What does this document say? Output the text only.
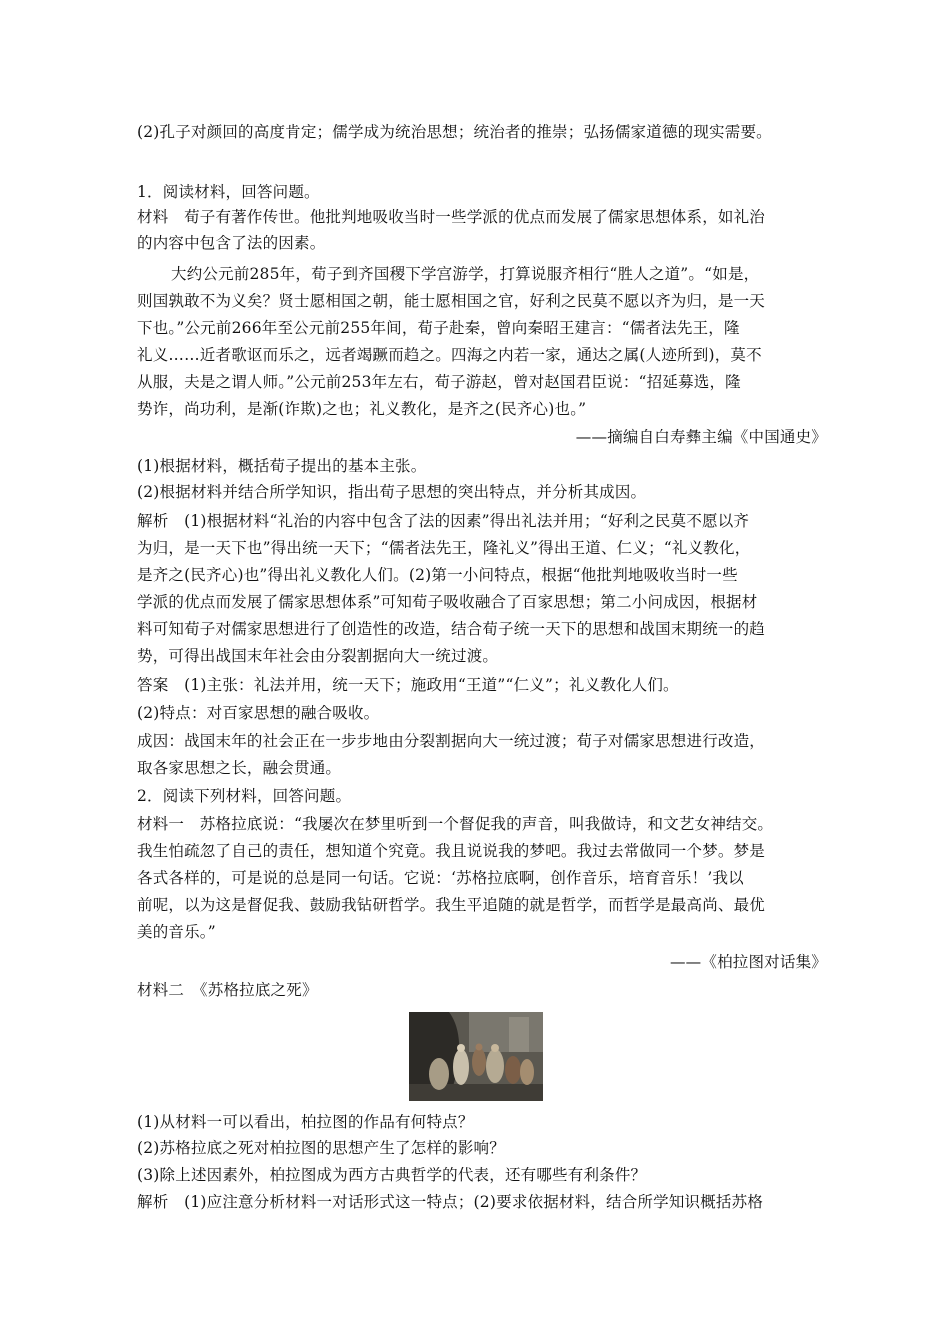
(2)孔子对颜回的高度肯定；儒学成为统治思想；统治者的推崇；弘扬儒家道德的现实需要。
1．阅读材料，回答问题。
材料　荀子有著作传世。他批判地吸收当时一些学派的优点而发展了儒家思想体系，如礼治
的内容中包含了法的因素。
大约公元前285年，荀子到齐国稷下学宫游学，打算说服齐相行“胜人之道”。“如是，
则国孰敢不为义矣？贤士愿相国之朝，能士愿相国之官，好利之民莫不愿以齐为归，是一天
下也。”公元前266年至公元前255年间，荀子赴秦，曾向秦昭王建言：“儒者法先王，隆
礼义……近者歌讴而乐之，远者竭蹶而趋之。四海之内若一家，通达之属(人迹所到)，莫不
从服，夫是之谓人师。”公元前253年左右，荀子游赵，曾对赵国君臣说：“招延募选，隆
势诈，尚功利，是渐(诈欺)之也；礼义教化，是齐之(民齐心)也。”
——摘编自白寿彝主编《中国通史》
(1)根据材料，概括荀子提出的基本主张。
(2)根据材料并结合所学知识，指出荀子思想的突出特点，并分析其成因。
解析　(1)根据材料“礼治的内容中包含了法的因素”得出礼法并用；“好利之民莫不愿以齐
为归，是一天下也”得出统一天下；“儒者法先王，隆礼义”得出王道、仁义；“礼义教化，
是齐之(民齐心)也”得出礼义教化人们。(2)第一小问特点，根据“他批判地吸收当时一些
学派的优点而发展了儒家思想体系”可知荀子吸收融合了百家思想；第二小问成因，根据材
料可知荀子对儒家思想进行了创造性的改造，结合荀子统一天下的思想和战国末期统一的趋
势，可得出战国末年社会由分裂割据向大一统过渡。
答案　(1)主张：礼法并用，统一天下；施政用“王道”“仁义”；礼义教化人们。
(2)特点：对百家思想的融合吸收。
成因：战国末年的社会正在一步步地由分裂割据向大一统过渡；荀子对儒家思想进行改造，
取各家思想之长，融会贯通。
2．阅读下列材料，回答问题。
材料一　苏格拉底说：“我屡次在梦里听到一个督促我的声音，叫我做诗，和文艺女神结交。
我生怕疏忽了自己的责任，想知道个究竟。我且说说我的梦吧。我过去常做同一个梦。梦是
各式各样的，可是说的总是同一句话。它说：‘苏格拉底啊，创作音乐，培育音乐！’我以
前呢，以为这是督促我、鼓励我钻研哲学。我生平追随的就是哲学，而哲学是最高尚、最优
美的音乐。”
——《柏拉图对话集》
材料二　《苏格拉底之死》
(1)从材料一可以看出，柏拉图的作品有何特点？
(2)苏格拉底之死对柏拉图的思想产生了怎样的影响？
(3)除上述因素外，柏拉图成为西方古典哲学的代表，还有哪些有利条件？
解析　(1)应注意分析材料一对话形式这一特点；(2)要求依据材料，结合所学知识概括苏格
